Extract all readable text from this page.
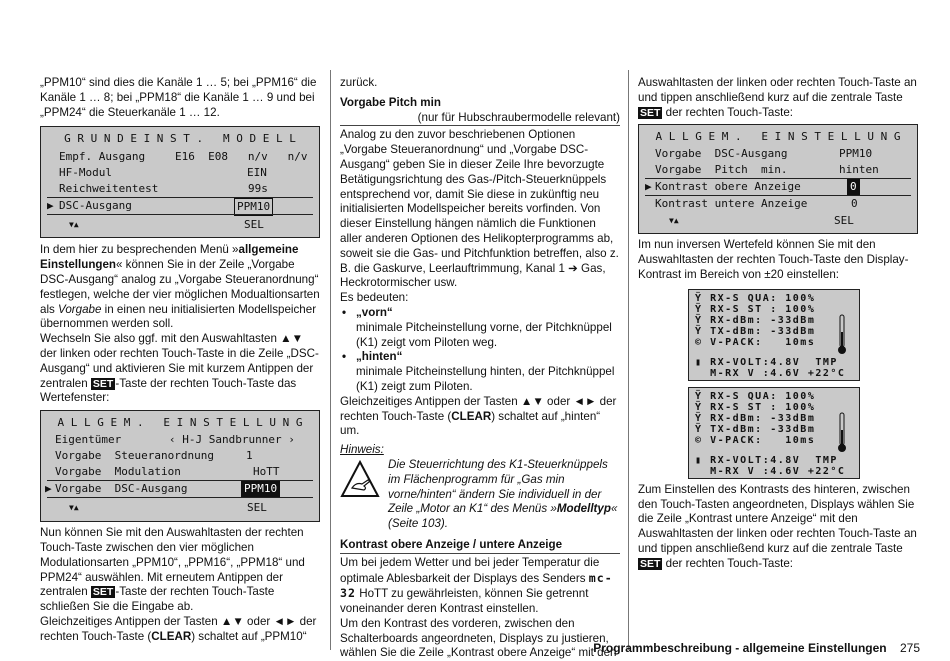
„PPM10“ sind dies die Kanäle 1 … 5; bei „PPM16“ die Kanäle 1 … 8; bei „PPM18“ die Kanäle 1 … 9 und bei „PPM24“ die Steuerkanäle 1 … 12.

G R U N D E I N S T .   M O D E L L
Empf. Ausgang	E16  E08   n/v   n/v
HF-Modul	EIN
Reichweitentest	99s
▶ DSC-Ausgang	PPM10
▼▲	SEL

In dem hier zu besprechenden Menü »allgemeine Einstellungen« können Sie in der Zeile „Vorgabe DSC-Ausgang“ analog zu „Vorgabe Steueranordnung“ festlegen, welche der vier möglichen Modualtionsarten als Vorgabe in einen neu initialisierten Modellspeicher übernommen werden soll.

Wechseln Sie also ggf. mit den Auswahltasten ▲▼ der linken oder rechten Touch-Taste in die Zeile „DSC-Ausgang“ und aktivieren Sie mit kurzem Antippen der zentralen SET -Taste der rechten Touch-Taste das Wertefenster:

A L L G E M .   E I N S T E L L U N G
Eigentümer	‹ H-J Sandbrunner ›
Vorgabe  Steueranordnung	1
Vorgabe  Modulation	HoTT
▶ Vorgabe  DSC-Ausgang	PPM10
▼▲	SEL

Nun können Sie mit den Auswahltasten der rechten Touch-Taste zwischen den vier möglichen Modulationsarten „PPM10“, „PPM16“, „PPM18“ und PPM24“ auswählen. Mit erneutem Antippen der zentralen SET -Taste der rechten Touch-Taste schließen Sie die Eingabe ab.

Gleichzeitiges Antippen der Tasten ▲▼ oder ◄► der rechten Touch-Taste (CLEAR) schaltet auf „PPM10“

zurück.

Vorgabe Pitch min

(nur für Hubschraubermodelle relevant)

Analog zu den zuvor beschriebenen Optionen „Vorgabe Steueranordnung“ und „Vorgabe DSC-Ausgang“ geben Sie in dieser Zeile Ihre bevorzugte Betätigungsrichtung des Gas-/Pitch-Steuerknüppels entsprechend vor, damit Sie diese in zukünftig neu initialisierten Modellspeicher bereits vorfinden. Von dieser Einstellung hängen nämlich die Funktionen aller anderen Optionen des Helikopterprogramms ab, soweit sie die Gas- und Pitchfunktion betreffen, also z. B. die Gaskurve, Leerlauftrimmung, Kanal 1 ➔ Gas, Heckrotormischer usw.

Es bedeuten:

• „vorn“

minimale Pitcheinstellung vorne, der Pitchknüppel (K1) zeigt vom Piloten weg.

• „hinten“

minimale Pitcheinstellung hinten, der Pitchknüppel (K1) zeigt zum Piloten.

Gleichzeitiges Antippen der Tasten ▲▼ oder ◄► der rechten Touch-Taste (CLEAR) schaltet auf „hinten“ um.

Hinweis:

Die Steuerrichtung des K1-Steuerknüppels im Flächenprogramm für „Gas min vorne/hinten“ ändern Sie individuell in der Zeile „Motor an K1“ des Menüs »Modelltyp« (Seite 103).

Kontrast obere Anzeige / untere Anzeige

Um bei jedem Wetter und bei jeder Temperatur die optimale Ablesbarkeit der Displays des Senders mc-32 HoTT zu gewährleisten, können Sie getrennt voneinander deren Kontrast einstellen.

Um den Kontrast des vorderen, zwischen den Schalterboards angeordneten, Displays zu justieren, wählen Sie die Zeile „Kontrast obere Anzeige“ mit den

Auswahltasten der linken oder rechten Touch-Taste an und tippen anschließend kurz auf die zentrale Taste SET der rechten Touch-Taste:

A L L G E M .   E I N S T E L L U N G
Vorgabe  DSC-Ausgang	PPM10
Vorgabe  Pitch  min.	hinten
▶ Kontrast obere Anzeige	0
Kontrast untere Anzeige	0
▼▲	SEL

Im nun inversen Wertefeld können Sie mit den Auswahltasten der rechten Touch-Taste den Display-Kontrast im Bereich von ±20 einstellen:

Ÿ RX-S QUA: 100%
Ÿ RX-S ST : 100%
Ÿ RX-dBm: -33dBm
Ÿ TX-dBm: -33dBm
© V-PACK:   10ms
▮ RX-VOLT:4.8V  TMP
M-RX V :4.6V +22°C
Ÿ RX-S QUA: 100%
Ÿ RX-S ST : 100%
Ÿ RX-dBm: -33dBm
Ÿ TX-dBm: -33dBm
© V-PACK:   10ms
▮ RX-VOLT:4.8V  TMP
M-RX V :4.6V +22°C

Zum Einstellen des Kontrasts des hinteren, zwischen den Touch-Tasten angeordneten, Displays wählen Sie die Zeile „Kontrast untere Anzeige“ mit den Auswahltasten der linken oder rechten Touch-Taste an und tippen anschließend kurz auf die zentrale Taste SET der rechten Touch-Taste:

Programmbeschreibung - allgemeine Einstellungen 275
